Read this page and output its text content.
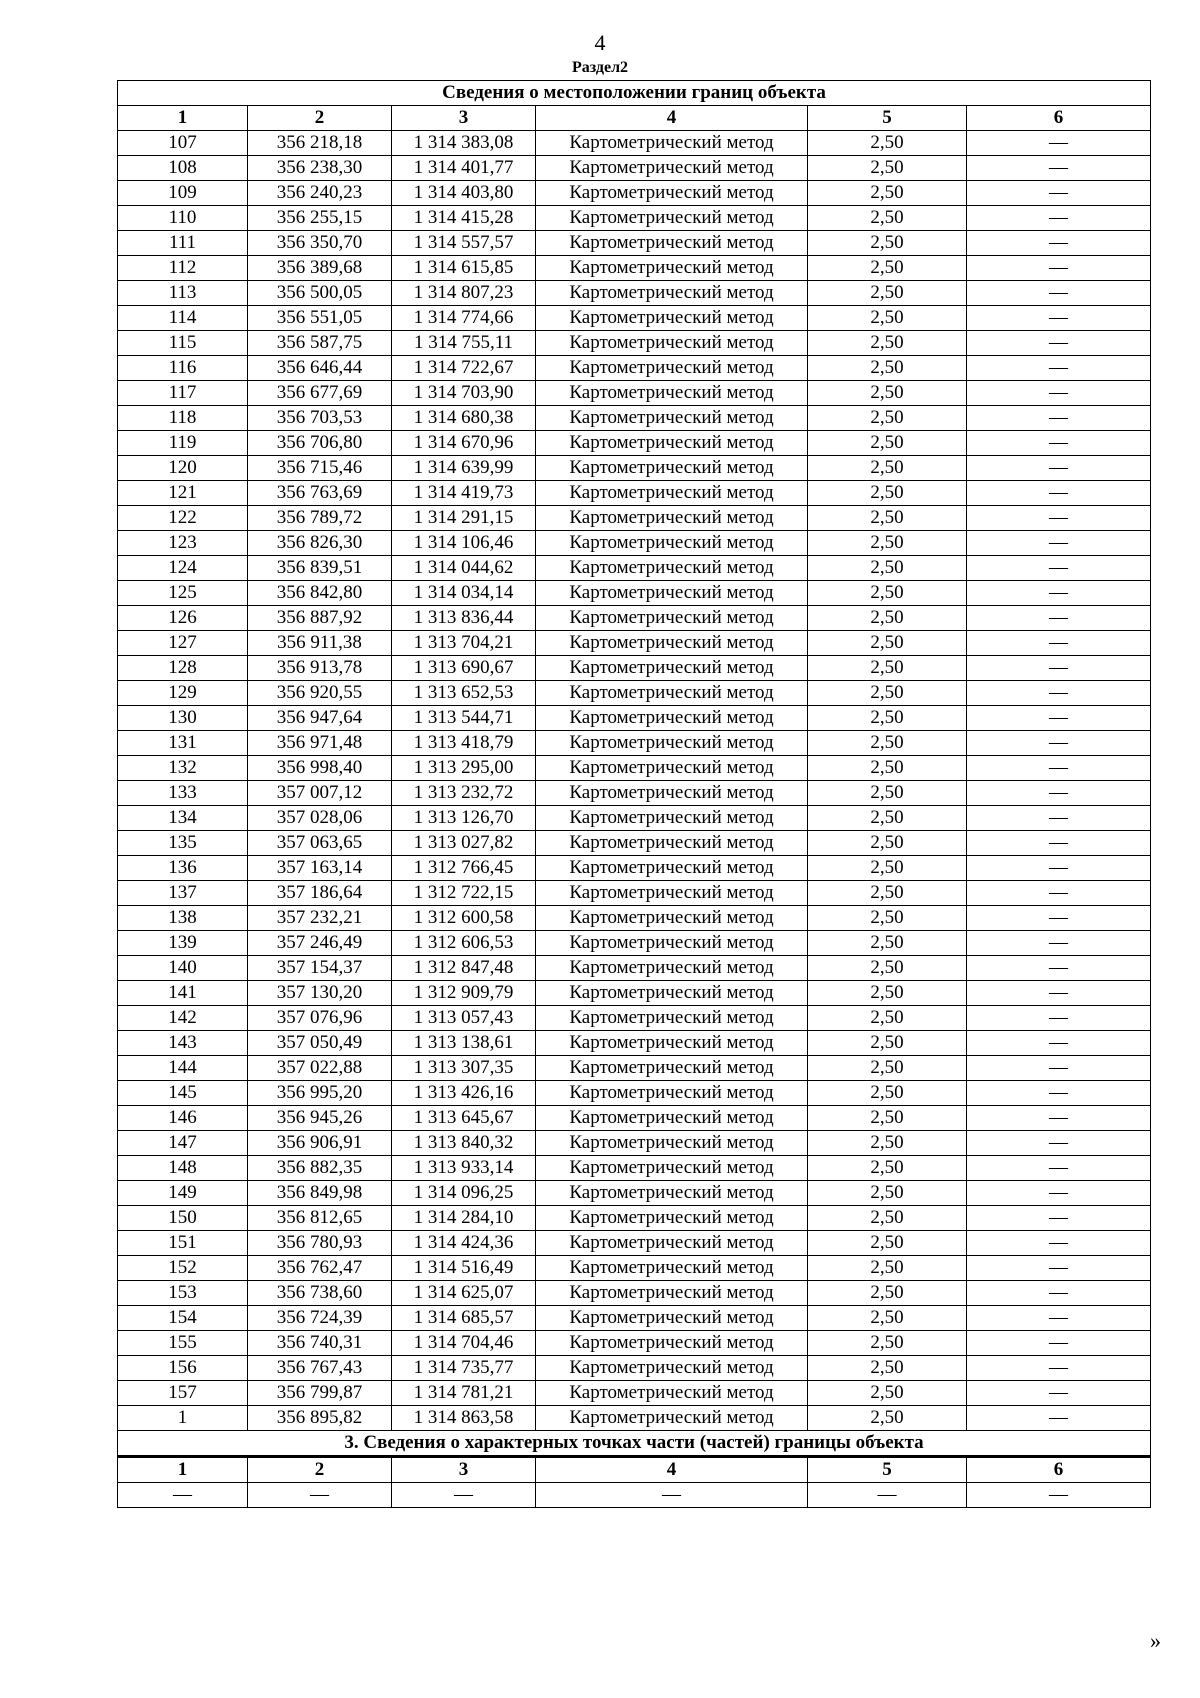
4
Раздел2
Сведения о местоположении границ объекта					
1	2	3	4	5	6
107	356 218,18	1 314 383,08	Картометрический метод	2,50	—
108	356 238,30	1 314 401,77	Картометрический метод	2,50	—
109	356 240,23	1 314 403,80	Картометрический метод	2,50	—
110	356 255,15	1 314 415,28	Картометрический метод	2,50	—
111	356 350,70	1 314 557,57	Картометрический метод	2,50	—
112	356 389,68	1 314 615,85	Картометрический метод	2,50	—
113	356 500,05	1 314 807,23	Картометрический метод	2,50	—
114	356 551,05	1 314 774,66	Картометрический метод	2,50	—
115	356 587,75	1 314 755,11	Картометрический метод	2,50	—
116	356 646,44	1 314 722,67	Картометрический метод	2,50	—
117	356 677,69	1 314 703,90	Картометрический метод	2,50	—
118	356 703,53	1 314 680,38	Картометрический метод	2,50	—
119	356 706,80	1 314 670,96	Картометрический метод	2,50	—
120	356 715,46	1 314 639,99	Картометрический метод	2,50	—
121	356 763,69	1 314 419,73	Картометрический метод	2,50	—
122	356 789,72	1 314 291,15	Картометрический метод	2,50	—
123	356 826,30	1 314 106,46	Картометрический метод	2,50	—
124	356 839,51	1 314 044,62	Картометрический метод	2,50	—
125	356 842,80	1 314 034,14	Картометрический метод	2,50	—
126	356 887,92	1 313 836,44	Картометрический метод	2,50	—
127	356 911,38	1 313 704,21	Картометрический метод	2,50	—
128	356 913,78	1 313 690,67	Картометрический метод	2,50	—
129	356 920,55	1 313 652,53	Картометрический метод	2,50	—
130	356 947,64	1 313 544,71	Картометрический метод	2,50	—
131	356 971,48	1 313 418,79	Картометрический метод	2,50	—
132	356 998,40	1 313 295,00	Картометрический метод	2,50	—
133	357 007,12	1 313 232,72	Картометрический метод	2,50	—
134	357 028,06	1 313 126,70	Картометрический метод	2,50	—
135	357 063,65	1 313 027,82	Картометрический метод	2,50	—
136	357 163,14	1 312 766,45	Картометрический метод	2,50	—
137	357 186,64	1 312 722,15	Картометрический метод	2,50	—
138	357 232,21	1 312 600,58	Картометрический метод	2,50	—
139	357 246,49	1 312 606,53	Картометрический метод	2,50	—
140	357 154,37	1 312 847,48	Картометрический метод	2,50	—
141	357 130,20	1 312 909,79	Картометрический метод	2,50	—
142	357 076,96	1 313 057,43	Картометрический метод	2,50	—
143	357 050,49	1 313 138,61	Картометрический метод	2,50	—
144	357 022,88	1 313 307,35	Картометрический метод	2,50	—
145	356 995,20	1 313 426,16	Картометрический метод	2,50	—
146	356 945,26	1 313 645,67	Картометрический метод	2,50	—
147	356 906,91	1 313 840,32	Картометрический метод	2,50	—
148	356 882,35	1 313 933,14	Картометрический метод	2,50	—
149	356 849,98	1 314 096,25	Картометрический метод	2,50	—
150	356 812,65	1 314 284,10	Картометрический метод	2,50	—
151	356 780,93	1 314 424,36	Картометрический метод	2,50	—
152	356 762,47	1 314 516,49	Картометрический метод	2,50	—
153	356 738,60	1 314 625,07	Картометрический метод	2,50	—
154	356 724,39	1 314 685,57	Картометрический метод	2,50	—
155	356 740,31	1 314 704,46	Картометрический метод	2,50	—
156	356 767,43	1 314 735,77	Картометрический метод	2,50	—
157	356 799,87	1 314 781,21	Картометрический метод	2,50	—
1	356 895,82	1 314 863,58	Картометрический метод	2,50	—
3. Сведения о характерных точках части (частей) границы объекта					
1	2	3	4	5	6
—	—	—	—	—	—
»
